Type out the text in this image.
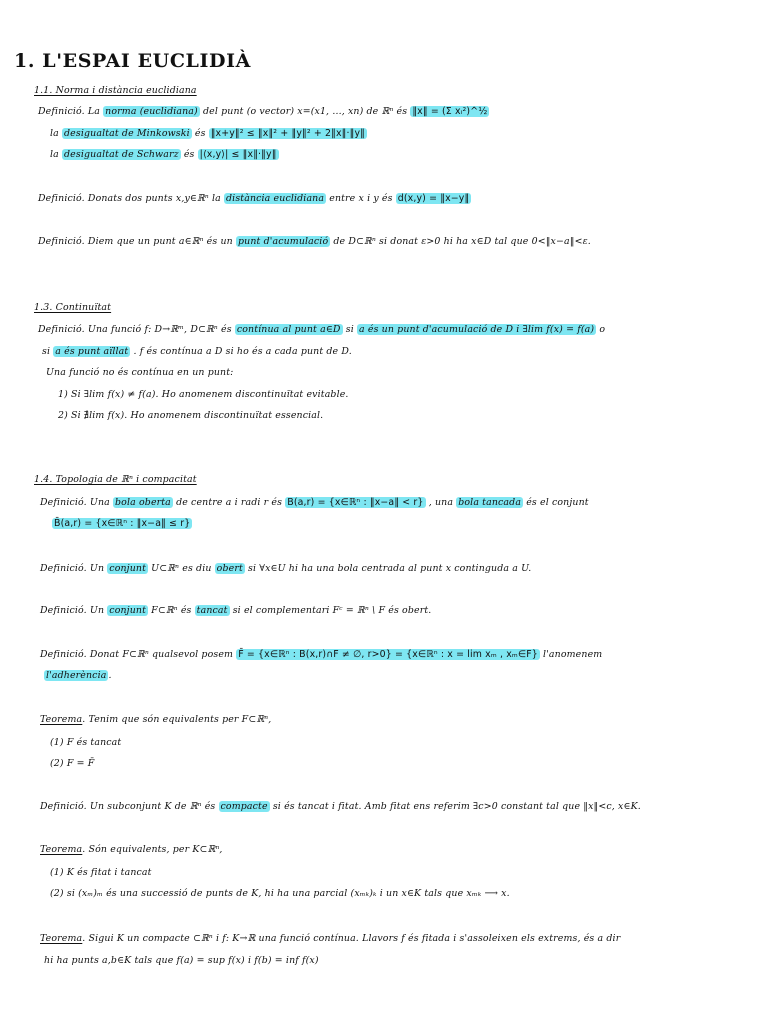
1. L'ESPAI EUCLIDIÀ
1.1. Norma i distància euclidiana
Definició. La norma (euclidiana) del punt (o vector) x=(x1, ..., xn) de ℝⁿ és ‖x‖ = (Σ xᵢ²)^½
la desigualtat de Minkowski és ‖x+y‖² ≤ ‖x‖² + ‖y‖² + 2‖x‖·‖y‖
la desigualtat de Schwarz és |⟨x,y⟩| ≤ ‖x‖·‖y‖
Definició. Donats dos punts x,y∈ℝⁿ la distància euclidiana entre x i y és d(x,y) = ‖x−y‖
Definició. Diem que un punt a∈ℝⁿ és un punt d'acumulació de D⊂ℝⁿ si donat ε>0 hi ha x∈D tal que 0<‖x−a‖<ε.
1.3. Continuïtat
Definició. Una funció f: D→ℝᵐ, D⊂ℝⁿ és contínua al punt a∈D si a és un punt d'acumulació de D i ∃lim f(x) = f(a) o
si a és punt aïllat . f és contínua a D si ho és a cada punt de D.
Una funció no és contínua en un punt:
1) Si ∃lim f(x) ≠ f(a). Ho anomenem discontinuïtat evitable.
2) Si ∄lim f(x). Ho anomenem discontinuïtat essencial.
1.4. Topologia de ℝⁿ i compacitat
Definició. Una bola oberta de centre a i radi r és B(a,r) = {x∈ℝⁿ : ‖x−a‖ < r} , una bola tancada és el conjunt
B̄(a,r) = {x∈ℝⁿ : ‖x−a‖ ≤ r}
Definició. Un conjunt U⊂ℝⁿ es diu obert si ∀x∈U hi ha una bola centrada al punt x continguda a U.
Definició. Un conjunt F⊂ℝⁿ és tancat si el complementari Fᶜ = ℝⁿ \ F és obert.
Definició. Donat F⊂ℝⁿ qualsevol posem F̄ = {x∈ℝⁿ : B(x,r)∩F ≠ ∅, r>0} = {x∈ℝⁿ : x = lim xₘ , xₘ∈F} l'anomenem
l'adherència .
Teorema. Tenim que són equivalents per F⊂ℝⁿ,
(1) F és tancat
(2) F = F̄
Definició. Un subconjunt K de ℝⁿ és compacte si és tancat i fitat. Amb fitat ens referim ∃c>0 constant tal que ‖x‖<c, x∈K.
Teorema. Són equivalents, per K⊂ℝⁿ,
(1) K és fitat i tancat
(2) si (xₘ)ₘ és una successió de punts de K, hi ha una parcial (xₘₖ)ₖ i un x∈K tals que xₘₖ ⟶ x.
Teorema. Sigui K un compacte ⊂ℝⁿ i f: K→ℝ una funció contínua. Llavors f és fitada i s'assoleixen els extrems, és a dir
hi ha punts a,b∈K tals que f(a) = sup f(x) i f(b) = inf f(x)
